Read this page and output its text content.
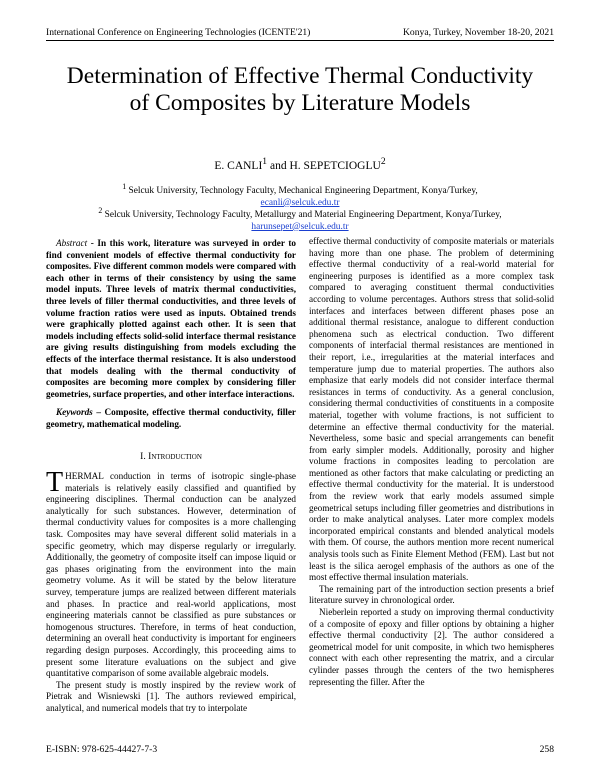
International Conference on Engineering Technologies (ICENTE'21)	Konya, Turkey, November 18-20, 2021
Determination of Effective Thermal Conductivity of Composites by Literature Models
E. CANLI$^1$ and H. SEPETCIOGLU$^2$
$^1$ Selcuk University, Technology Faculty, Mechanical Engineering Department, Konya/Turkey,
ecanli@selcuk.edu.tr
$^2$ Selcuk University, Technology Faculty, Metallurgy and Material Engineering Department, Konya/Turkey,
harunsepet@selcuk.edu.tr

Abstract - In this work, literature was surveyed in order to find convenient models of effective thermal conductivity for composites. Five different common models were compared with each other in terms of their consistency by using the same model inputs. Three levels of matrix thermal conductivities, three levels of filler thermal conductivities, and three levels of volume fraction ratios were used as inputs. Obtained trends were graphically plotted against each other. It is seen that models including effects solid-solid interface thermal resistance are giving results distinguishing from models excluding the effects of the interface thermal resistance. It is also understood that models dealing with the thermal conductivity of composites are becoming more complex by considering filler geometries, surface properties, and other interface interactions.

Keywords – Composite, effective thermal conductivity, filler geometry, mathematical modeling.

I. Introduction

THERMAL conduction in terms of isotropic single-phase materials is relatively easily classified and quantified by engineering disciplines. Thermal conduction can be analyzed analytically for such substances. However, determination of thermal conductivity values for composites is a more challenging task. Composites may have several different solid materials in a specific geometry, which may disperse regularly or irregularly. Additionally, the geometry of composite itself can impose liquid or gas phases originating from the environment into the main geometry volume. As it will be stated by the below literature survey, temperature jumps are realized between different materials and phases. In practice and real-world applications, most engineering materials cannot be classified as pure substances or homogenous structures. Therefore, in terms of heat conduction, determining an overall heat conductivity is important for engineers regarding design purposes. Accordingly, this proceeding aims to present some literature evaluations on the subject and give quantitative comparison of some available algebraic models.

The present study is mostly inspired by the review work of Pietrak and Wisniewski [1]. The authors reviewed empirical, analytical, and numerical models that try to interpolate

effective thermal conductivity of composite materials or materials having more than one phase. The problem of determining effective thermal conductivity of a real-world material for engineering purposes is identified as a more complex task compared to averaging constituent thermal conductivities according to volume percentages. Authors stress that solid-solid interfaces and interfaces between different phases pose an additional thermal resistance, analogue to different conduction phenomena such as electrical conduction. Two different components of interfacial thermal resistances are mentioned in their report, i.e., irregularities at the material interfaces and temperature jump due to material properties. The authors also emphasize that early models did not consider interface thermal resistances in terms of conductivity. As a general conclusion, considering thermal conductivities of constituents in a composite material, together with volume fractions, is not sufficient to determine an effective thermal conductivity for the material. Nevertheless, some basic and special arrangements can benefit from early simpler models. Additionally, porosity and higher volume fractions in composites leading to percolation are mentioned as other factors that make calculating or predicting an effective thermal conductivity for the material. It is understood from the review work that early models assumed simple geometrical setups including filler geometries and distributions in order to make analytical analyses. Later more complex models incorporated empirical constants and blended analytical models with them. Of course, the authors mention more recent numerical analysis tools such as Finite Element Method (FEM). Last but not least is the silica aerogel emphasis of the authors as one of the most effective thermal insulation materials.

The remaining part of the introduction section presents a brief literature survey in chronological order.

Nieberlein reported a study on improving thermal conductivity of a composite of epoxy and filler options by obtaining a higher effective thermal conductivity [2]. The author considered a geometrical model for unit composite, in which two hemispheres connect with each other representing the matrix, and a circular cylinder passes through the centers of the two hemispheres representing the filler. After the

E-ISBN: 978-625-44427-7-3	258
